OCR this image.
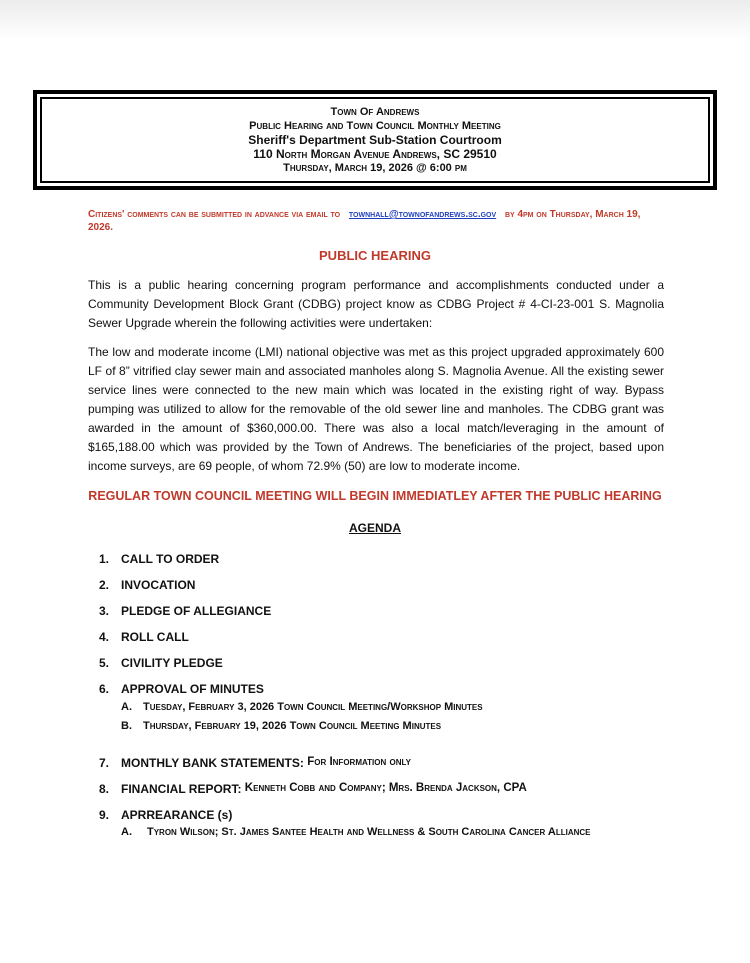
Town Of Andrews
Public Hearing and Town Council Monthly Meeting
Sheriff's Department Sub-Station Courtroom
110 North Morgan Avenue Andrews, SC 29510
Thursday, March 19, 2026 @ 6:00 pm
Citizens' comments can be submitted in advance via email to townhall@townofandrews.sc.gov by 4pm on Thursday, March 19, 2026.
PUBLIC HEARING
This is a public hearing concerning program performance and accomplishments conducted under a Community Development Block Grant (CDBG) project know as CDBG Project # 4-CI-23-001 S. Magnolia Sewer Upgrade wherein the following activities were undertaken:
The low and moderate income (LMI) national objective was met as this project upgraded approximately 600 LF of 8” vitrified clay sewer main and associated manholes along S. Magnolia Avenue. All the existing sewer service lines were connected to the new main which was located in the existing right of way. Bypass pumping was utilized to allow for the removable of the old sewer line and manholes. The CDBG grant was awarded in the amount of $360,000.00. There was also a local match/leveraging in the amount of $165,188.00 which was provided by the Town of Andrews. The beneficiaries of the project, based upon income surveys, are 69 people, of whom 72.9% (50) are low to moderate income.
REGULAR TOWN COUNCIL MEETING WILL BEGIN IMMEDIATLEY AFTER THE PUBLIC HEARING
AGENDA
1. CALL TO ORDER
2. INVOCATION
3. PLEDGE OF ALLEGIANCE
4. ROLL CALL
5. CIVILITY PLEDGE
6. APPROVAL OF MINUTES
A.	Tuesday, February 3, 2026 Town Council Meeting/Workshop Minutes
B.	Thursday, February 19, 2026 Town Council Meeting Minutes
7. MONTHLY BANK STATEMENTS:
For Information only
8. FINANCIAL REPORT:
Kenneth Cobb and Company; Mrs. Brenda Jackson, CPA
9. APRREARANCE (s)
A.	Tyron Wilson; St. James Santee Health and Wellness & South Carolina Cancer Alliance
